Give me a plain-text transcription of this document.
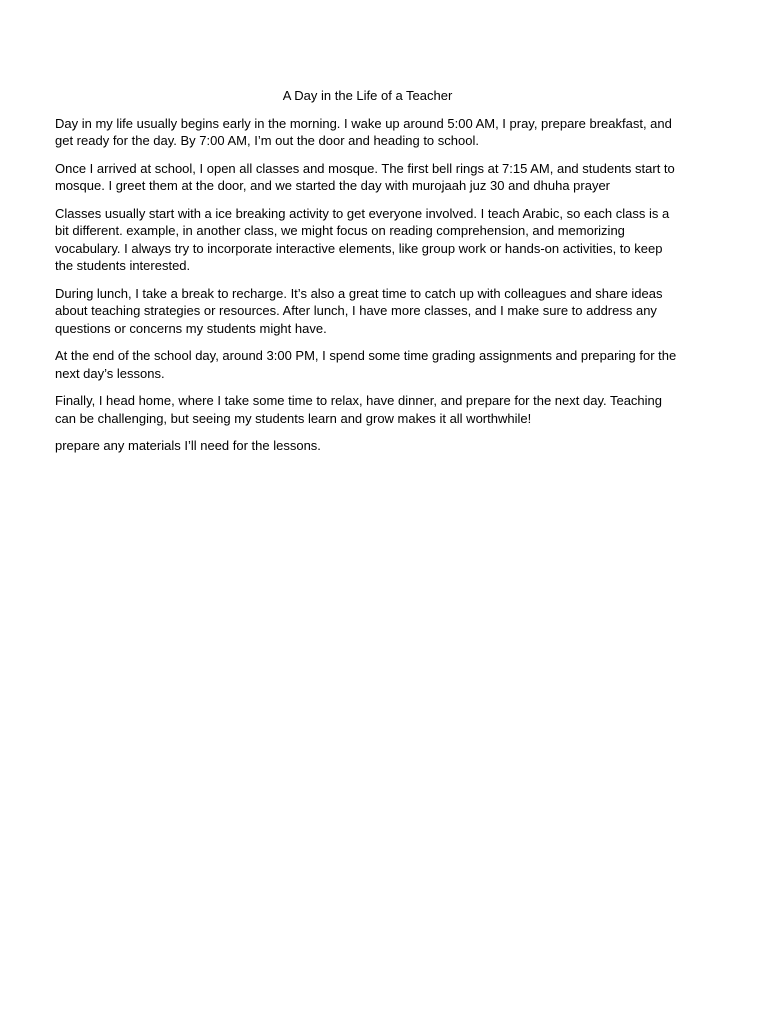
A Day in the Life of a Teacher

Day in my life usually begins early in the morning. I wake up around 5:00 AM, I pray, prepare breakfast, and get ready for the day. By 7:00 AM, I’m out the door and heading to school.

Once I arrived at school, I open all classes and mosque. The first bell rings at 7:15 AM, and students start to mosque. I greet them at the door, and we started the day with murojaah juz 30 and dhuha prayer

Classes usually start with a ice breaking activity to get everyone involved. I teach Arabic, so each class is a bit different. example, in another class, we might focus on reading comprehension, and memorizing vocabulary. I always try to incorporate interactive elements, like group work or hands-on activities, to keep the students interested.

During lunch, I take a break to recharge. It’s also a great time to catch up with colleagues and share ideas about teaching strategies or resources. After lunch, I have more classes, and I make sure to address any questions or concerns my students might have.

At the end of the school day, around 3:00 PM, I spend some time grading assignments and preparing for the next day’s lessons.

Finally, I head home, where I take some time to relax, have dinner, and prepare for the next day. Teaching can be challenging, but seeing my students learn and grow makes it all worthwhile!

prepare any materials I’ll need for the lessons.
